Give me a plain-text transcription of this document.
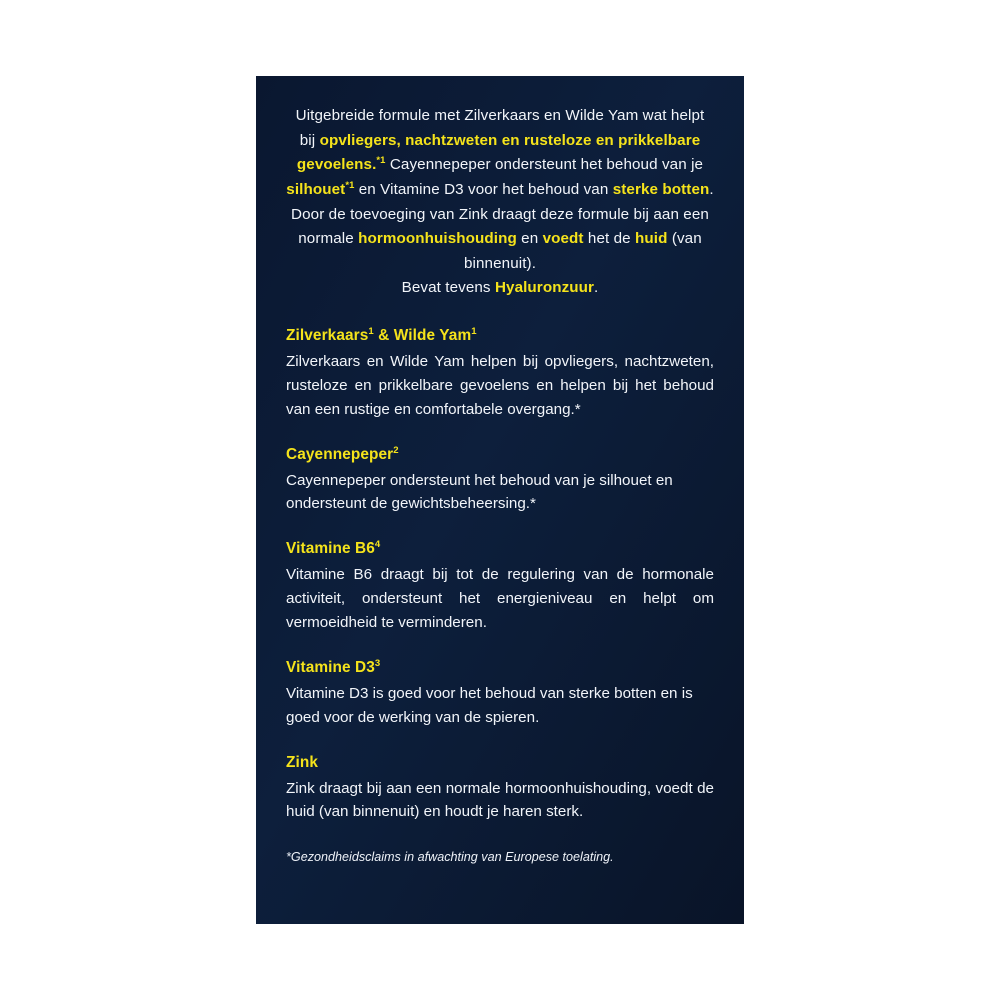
Uitgebreide formule met Zilverkaars en Wilde Yam wat helpt bij opvliegers, nachtzweten en rusteloze en prikkelbare gevoelens.$^{*1}$ Cayennepeper ondersteunt het behoud van je silhouet$^{*1}$ en Vitamine D3 voor het behoud van sterke botten. Door de toevoeging van Zink draagt deze formule bij aan een normale hormoonhuishouding en voedt het de huid (van binnenuit).
Bevat tevens Hyaluronzuur.

Zilverkaars$^1$ & Wilde Yam$^1$

Zilverkaars en Wilde Yam helpen bij opvliegers, nachtzweten, rusteloze en prikkelbare gevoelens en helpen bij het behoud van een rustige en comfortabele overgang.*

Cayennepeper$^2$

Cayennepeper ondersteunt het behoud van je silhouet en ondersteunt de gewichtsbeheersing.*

Vitamine $B6^4$

Vitamine B6 draagt bij tot de regulering van de hormonale activiteit, ondersteunt het energieniveau en helpt om vermoeidheid te verminderen.

Vitamine $D3^3$

Vitamine D3 is goed voor het behoud van sterke botten en is goed voor de werking van de spieren.

Zink

Zink draagt bij aan een normale hormoonhuishouding, voedt de huid (van binnenuit) en houdt je haren sterk.

*Gezondheidsclaims in afwachting van Europese toelating.
